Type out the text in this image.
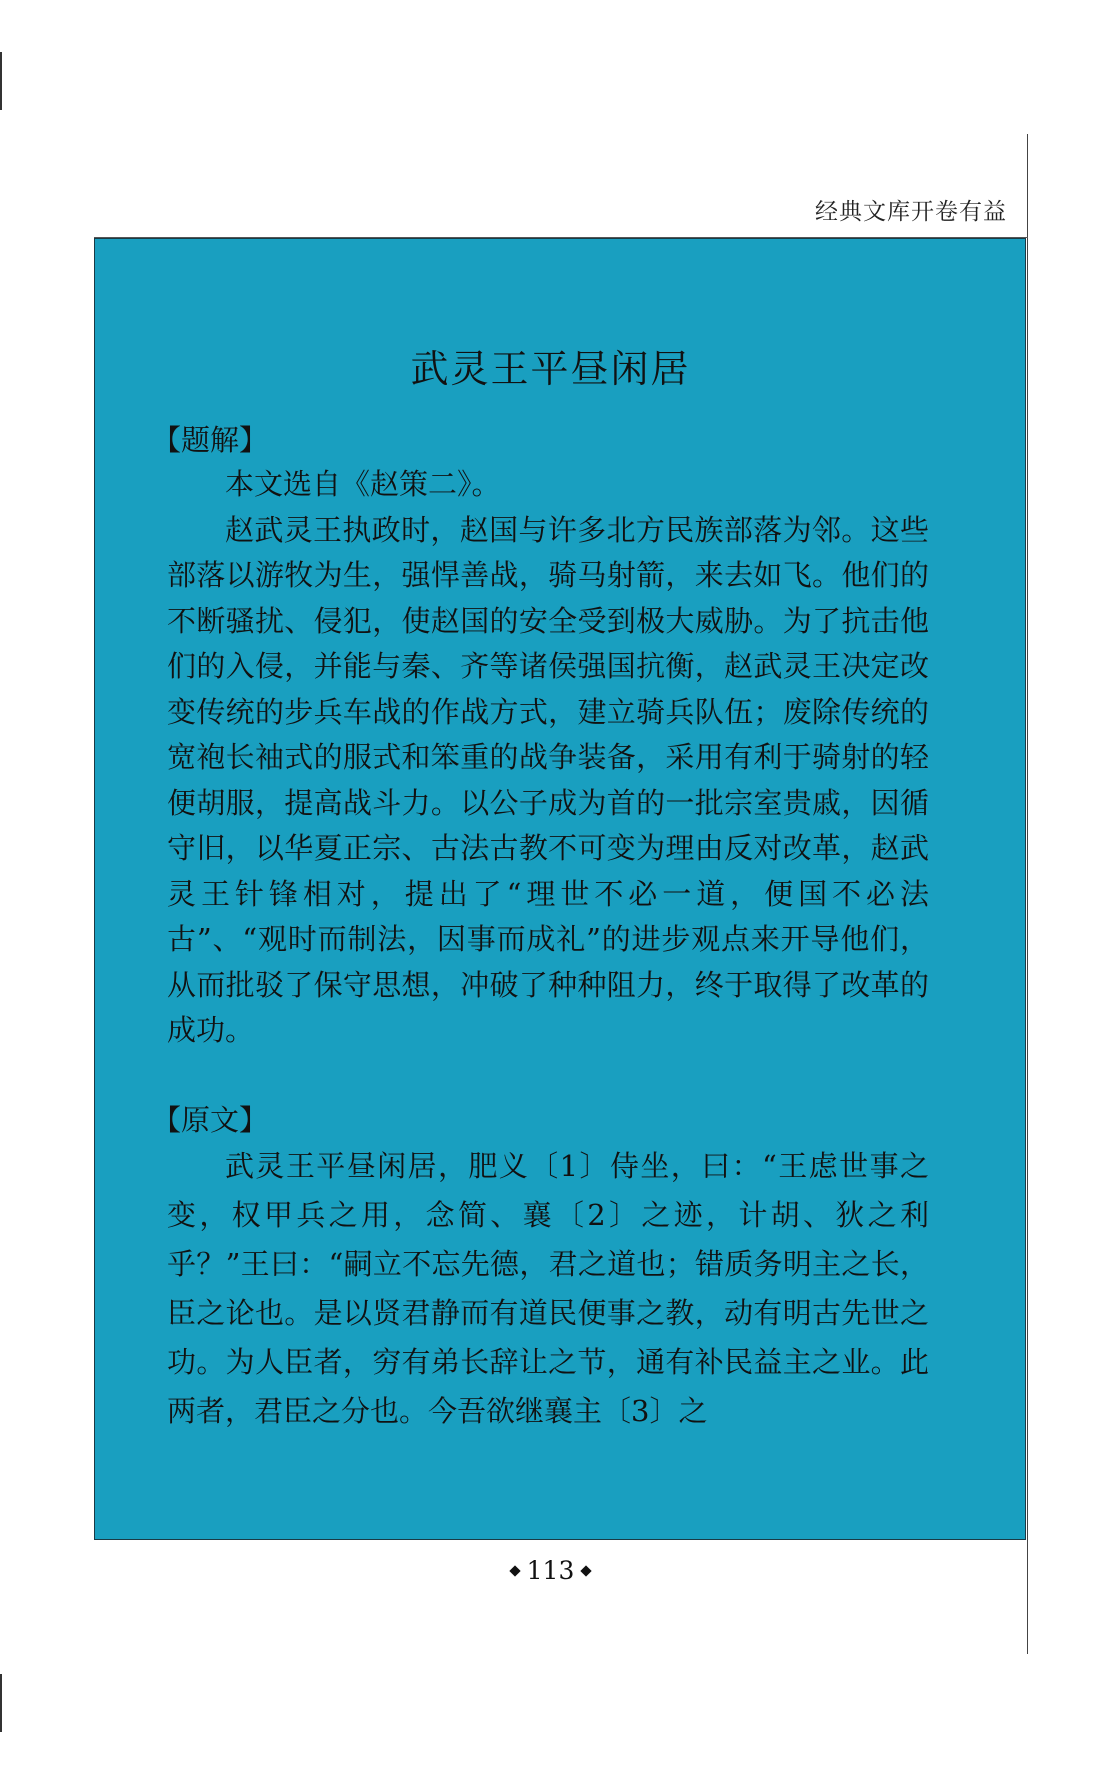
经典文库开卷有益
武灵王平昼闲居
【题解】

本文选自《赵策二》。

赵武灵王执政时，赵国与许多北方民族部落为邻。这些部落以游牧为生，强悍善战，骑马射箭，来去如飞。他们的不断骚扰、侵犯，使赵国的安全受到极大威胁。为了抗击他们的入侵，并能与秦、齐等诸侯强国抗衡，赵武灵王决定改变传统的步兵车战的作战方式，建立骑兵队伍；废除传统的宽袍长袖式的服式和笨重的战争装备，采用有利于骑射的轻便胡服，提高战斗力。以公子成为首的一批宗室贵戚，因循守旧，以华夏正宗、古法古教不可变为理由反对改革，赵武灵王针锋相对，提出了“理世不必一道，便国不必法古”、“观时而制法，因事而成礼”的进步观点来开导他们，从而批驳了保守思想，冲破了种种阻力，终于取得了改革的成功。

【原文】

武灵王平昼闲居，肥义〔1〕侍坐，曰：“王虑世事之变，权甲兵之用，念简、襄〔2〕之迹，计胡、狄之利乎？”王曰：“嗣立不忘先德，君之道也；错质务明主之长，臣之论也。是以贤君静而有道民便事之教，动有明古先世之功。为人臣者，穷有弟长辞让之节，通有补民益主之业。此两者，君臣之分也。今吾欲继襄主〔3〕之

113
